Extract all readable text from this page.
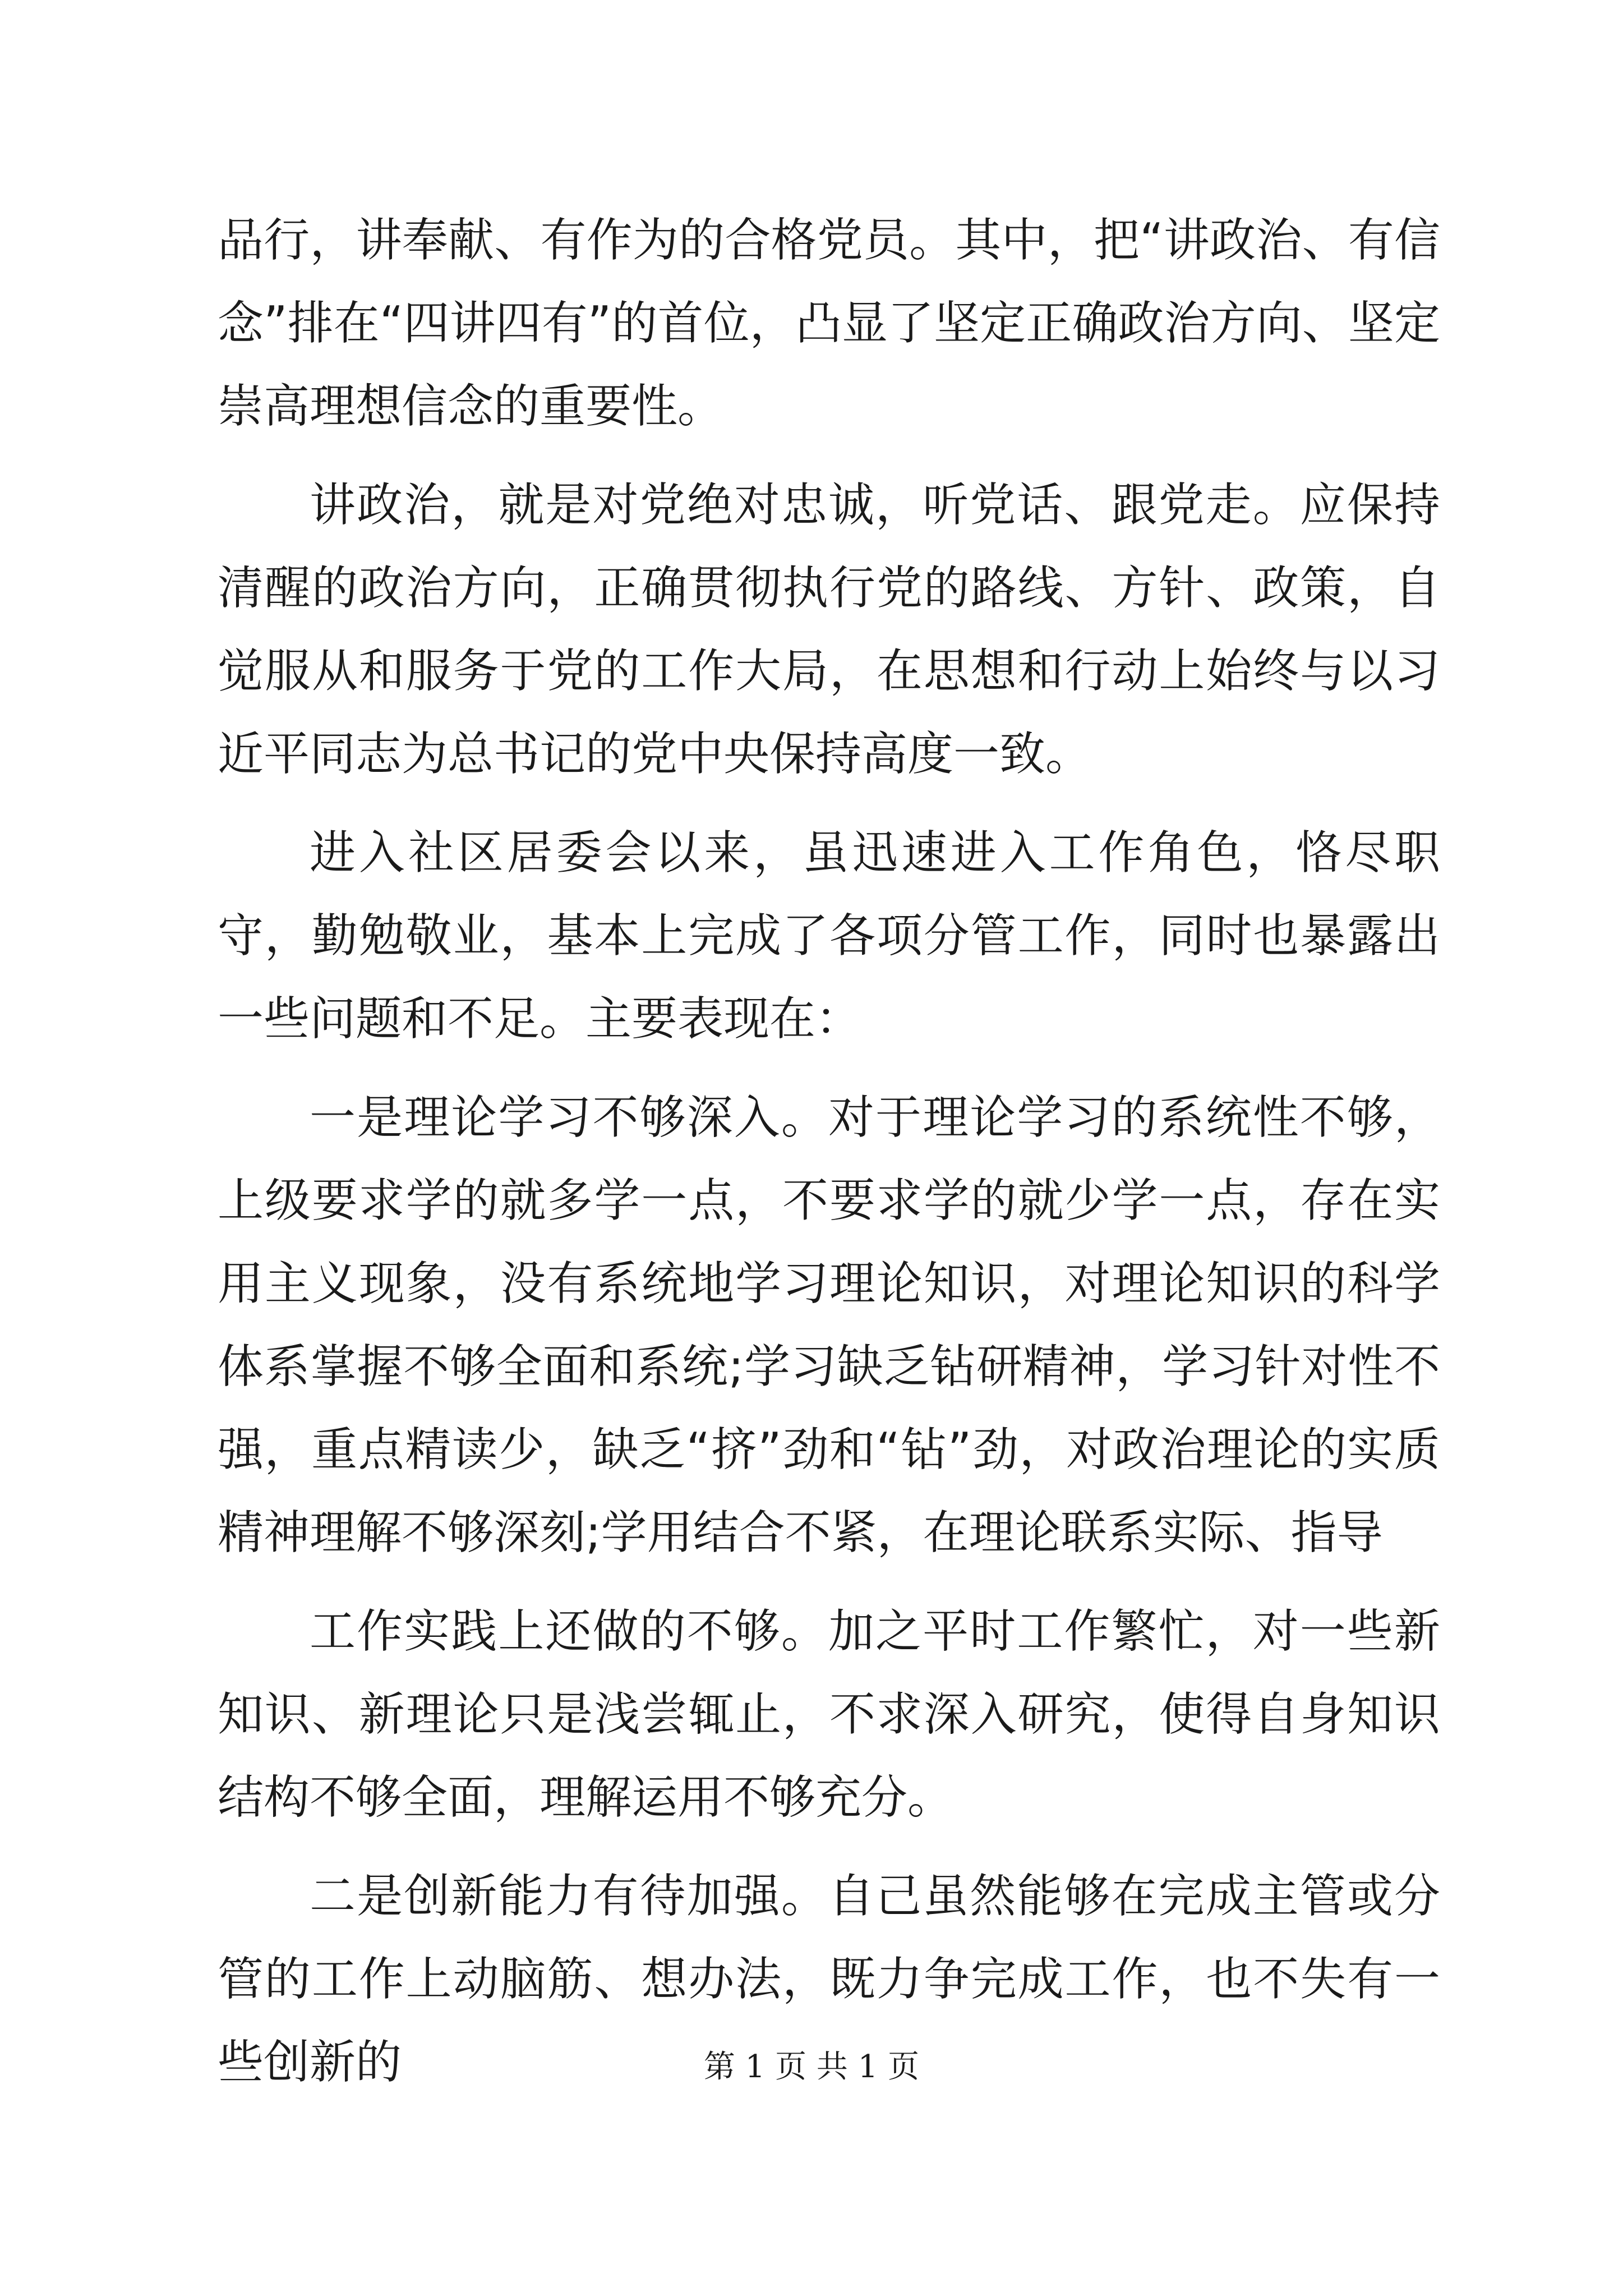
品行，讲奉献、有作为的合格党员。其中，把“讲政治、有信念”排在“四讲四有”的首位，凸显了坚定正确政治方向、坚定崇高理想信念的重要性。

讲政治，就是对党绝对忠诚，听党话、跟党走。应保持清醒的政治方向，正确贯彻执行党的路线、方针、政策，自觉服从和服务于党的工作大局，在思想和行动上始终与以习近平同志为总书记的党中央保持高度一致。

进入社区居委会以来，虽迅速进入工作角色，恪尽职守，勤勉敬业，基本上完成了各项分管工作，同时也暴露出一些问题和不足。主要表现在：

一是理论学习不够深入。对于理论学习的系统性不够，上级要求学的就多学一点，不要求学的就少学一点，存在实用主义现象，没有系统地学习理论知识，对理论知识的科学体系掌握不够全面和系统;学习缺乏钻研精神，学习针对性不强，重点精读少，缺乏“挤”劲和“钻”劲，对政治理论的实质精神理解不够深刻;学用结合不紧，在理论联系实际、指导

工作实践上还做的不够。加之平时工作繁忙，对一些新知识、新理论只是浅尝辄止，不求深入研究，使得自身知识结构不够全面，理解运用不够充分。

二是创新能力有待加强。自己虽然能够在完成主管或分管的工作上动脑筋、想办法，既力争完成工作，也不失有一些创新的	第 1 页 共 1 页
